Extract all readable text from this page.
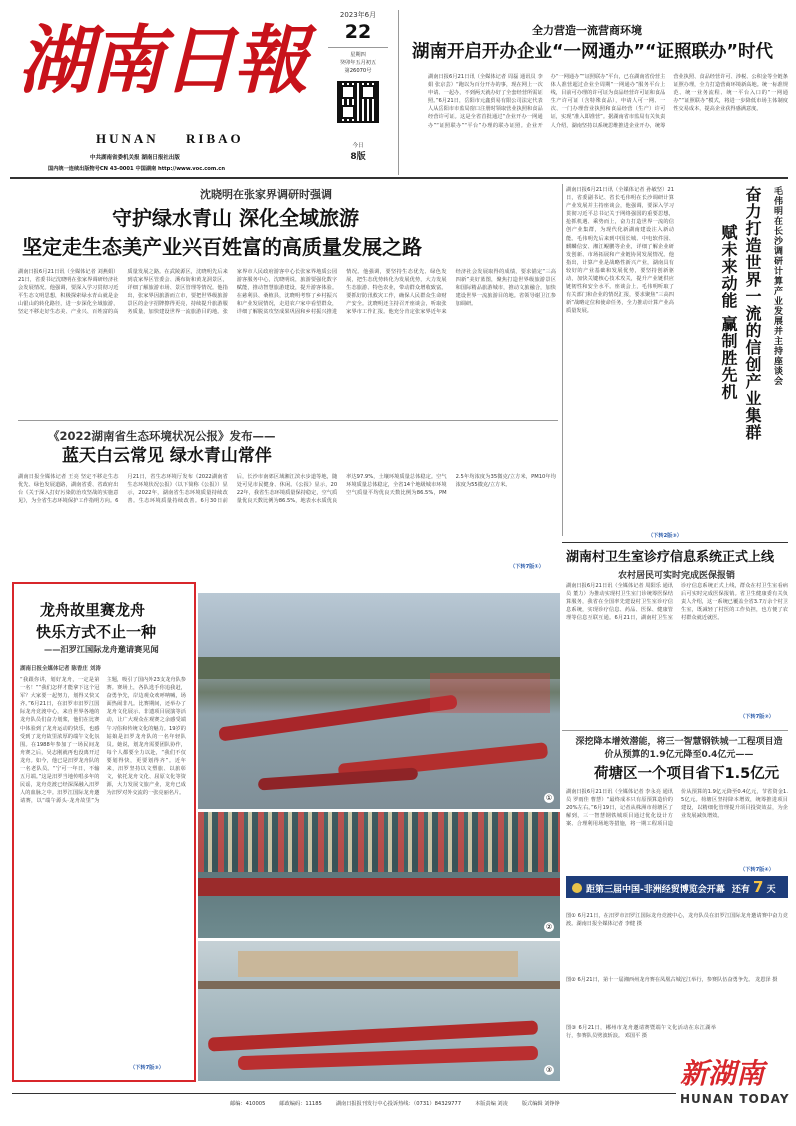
湖南日報
HUNAN RIBAO
中共湖南省委机关报 湖南日报社出版
国内统一连续出版物号CN 43-0001 中国湖南 http://www.voc.com.cn
2023年6月
22
星期四
癸卯年五月初五
第26070号
今日
8版
全力营造一流营商环境
湖南开启开办企业“一网通办”“证照联办”时代
湖南日报6月21日讯（全媒体记者 周磊 通讯员 李娟 张京芸）“跑以为百分开办的事，现在网上一次申请、一起办，不到两天就办好了全套经营所需证照。”6月21日，岳阳市元鑫贸易有限公司法定代表人从岳阳市市监局窗口注册时领取营业执照和食品经营许可证。这是全省首批通过“企业开办一网通办”“证照联办”“平台”办理的联办证照。企业开办“一网通办”“证照联办”平台，已在湖南省份营主体人准营超过企业全周期“一网通办”服务平台上线，目前可办理的许可证为食品经营许可证和食品生产许可证（含特殊食品），申请人可一网、一次、一门办理营业执照和食品经营（生产）许可证，实现“准入即准营”。据湖南省市监局有关负责人介绍，湖南坚持以系统思维推进企业开办，统筹营业执照、食品经营许可、涉税、公积金等全链条证照办理，全力打造营商环境新高地。统一标准规范、统一业务流程、统一平台入口的“一网通办”“证照联办”模式，将进一步降低市场主体制度性交易成本，提高企业获得感满意度。
沈晓明在张家界调研时强调
守护绿水青山 深化全域旅游
坚定走生态美产业兴百姓富的高质量发展之路
湖南日报6月21日讯（全媒体记者 刘燕娟）21日，省委书记沈晓明在张家界调研经济社会发展情况。他强调，要深入学习贯彻习近平生态文明思想，积极探索绿水青山就是金山银山的转化路径，进一步深化全域旅游，坚定不移走好生态美、产业兴、百姓富的高质量发展之路。在武陵源区，沈晓明先后来到袁家界区管委会、溪布街和黄龙洞景区，详细了解旅游市场、景区管理等情况。他指出，张家界因旅游而立市，要把世界级旅游景区的金字招牌擦得更亮，持续提升旅游服务质量，加快建设世界一流旅游目的地。张家界市人民政府游客中心长张家界地质公园游客服务中心，沈晓明说，旅游要强化数字赋能，推动智慧旅游建设，提升游客体验。在慈利县、桑植县，沈晓明考察了乡村振兴和产业发展情况，走进农户家中看望群众，详细了解脱贫攻坚成果巩固和乡村振兴推进情况。他强调，要坚持生态优先、绿色发展，把生态优势转化为发展优势，大力发展生态旅游、特色农业，带动群众增收致富。要抓好防汛救灾工作，确保人民群众生命财产安全。沈晓明还主持召开座谈会，听取张家界市工作汇报。他充分肯定张家界近年来经济社会发展取得的成绩，要求锚定“三高四新”美好蓝图，聚焦打造世界级旅游景区和国际精品旅游城市，推动文旅融合，加快建设世界一流旅游目的地。省领导谢卫江参加调研。
《2022湖南省生态环境状况公报》发布——
蓝天白云常见 绿水青山常伴
湖南日报全媒体记者 王亮 坚定不移走生态优先、绿色发展道路，湖南省委、省政府出台《关于深入打好污染防治攻坚战的实施意见》，为全省生态环境保护工作指明方向。6月21日，省生态环境厅发布《2022湖南省生态环境状况公报》（以下简称《公报》）显示，2022年，湖南省生态环境质量持续改善。生态环境质量持续改善。6月30日前后，长沙市南郊区域湘江滨水步道等地，随处可见市民健身、休闲。《公报》显示，2022年，我省生态环境质量保持稳定，空气质量优良天数比例为86.5%，地表水水质优良率达97.9%，土壤环境质量总体稳定。空气环境质量总体稳定，全省14个地级城市环境空气质量平均优良天数比例为86.5%，PM2.5年均浓度为35微克/立方米，PM10年均浓度为55微克/立方米。
（下转7版①）
湖南日报6月21日讯（全媒体记者 孙敏坚）21日，省委副书记、省长毛伟明在长沙调研计算产业发展并主持座谈会，他强调，要深入学习贯彻习近平总书记关于网络强国的重要思想，抢抓机遇、乘势而上，奋力打造世界一流的信创产业集群，为现代化新湖南建设注入新动能。毛伟明先后来到中国长城、中电软件园、麒麟信安、湘江鲲鹏等企业，详细了解企业研发创新、市场拓展和产业链协同发展情况。他指出，计算产业是战略性新兴产业，湖南具有较好的产业基础和发展优势，要坚持创新驱动，加快关键核心技术攻关，提升产业链供应链韧性和安全水平。座谈会上，毛伟明听取了有关部门和企业的情况汇报，要求聚焦“三高四新”战略定位和使命任务，全力推动计算产业高质量发展。
（下转2版③）
奋力打造世界一流的信创产业集群
赋未来动能 赢制胜先机	毛伟明在长沙调研计算产业发展并主持座谈会
湖南村卫生室诊疗信息系统正式上线
农村居民可实时完成医保报销
湖南日报6月21日讯（全媒体记者 周阳乐 通讯员 董力）为推动实现村卫生室门诊统筹医保结算服务，我省在全国率先建设村卫生室诊疗信息系统，实现诊疗信息、药品、医保、健康管理等信息互联互通。6月21日，湖南村卫生室诊疗信息系统正式上线，群众在村卫生室看病后可实时完成医保报销。省卫生健康委有关负责人介绍，这一系统已覆盖全省3.7万余个村卫生室，既减轻了村医的工作负担，也方便了农村群众就近就医。
（下转7版②）
深挖降本增效潜能，将三一智慧钢铁城一工程项目造价从预算的1.9亿元降至0.4亿元——
荷塘区一个项目省下1.5亿元
湖南日报6月21日讯（全媒体记者 李永亮 通讯员 罗雨佳 曹慧）“最终成本只有原预算造价的20%左右。”6月19日，记者从株洲市荷塘区了解到，三一智慧钢铁城项目通过优化设计方案、合理利用场地等措施，将一期工程项目造价从预算的1.9亿元降至0.4亿元，节省资金1.5亿元。荷塘区坚持降本增效，统筹推进项目建设，以精细化管理提升项目投资效益，为企业发展减负增效。
（下转7版④）
距第三届中国-非洲经贸博览会开幕 还有 7 天
龙舟故里赛龙舟
快乐方式不止一种
——汨罗江国际龙舟邀请赛见闻
湖南日报全媒体记者 陈香庄 刘涛
“我跟你讲，划好龙舟，一定是第一名！”“我们怎样才能拿下这个冠军？大家要一起努力，划得又快又齐。”6月21日，在汨罗市汨罗江国际龙舟竞渡中心，来自世界各地的龙舟队员们奋力划桨，他们在比赛中体验到了龙舟运动的快乐，也感受到了龙舟故里浓厚的端午文化氛围。在1988年参加了一场民间龙舟赛之后，吴志刚就再也没离开过龙舟。如今，他已是汨罗龙舟队的一名老队员。“宁可一年日，不输五月端。”这是汨罗当地传唱多年的民谣，龙舟竞渡已经深深融入汨罗人的血脉之中。汨罗江国际龙舟邀请赛，以“端午源头·龙舟故里”为主题，吸引了国内外23支龙舟队参赛。赛场上，各队选手你追我赶，奋勇争先，岸边观众欢呼呐喊，场面热闹非凡。比赛期间，还举办了龙舟文化展示、非遗项目展演等活动，让广大观众在观赛之余感受端午习俗和传统文化的魅力。19岁的姑娘是汨罗龙舟队的一名年轻队员。她说，划龙舟需要团队协作，每个人都要全力以赴，“我们不仅要划得快，更要划得齐”。近年来，汨罗坚持以文塑旅、以旅彰文，依托龙舟文化、屈原文化等资源，大力发展文旅产业，龙舟已成为汨罗对外交流的一张亮丽名片。
（下转7版③）
①
②
③
图① 6月21日，在汨罗市汨罗江国际龙舟竞渡中心，龙舟队员在汨罗江国际龙舟邀请赛中奋力竞渡。湖南日报全媒体记者 李健 摄
图② 6月21日，第十一届湘西州龙舟赛在凤凰古城沱江举行，参赛队伍奋勇争先。 龙恩泽 摄
图③ 6月21日，郴州市龙舟邀请赛暨端午文化活动在东江湖举行，参赛队员劈波斩浪。 邓国平 摄
新湖南
HUNAN TODAY
邮编：410005	邮政编码：11185	湖南日报报刊发行中心投诉热线：（0731）84329777	本版责编 刘凌	版式编辑 刘铮铮
